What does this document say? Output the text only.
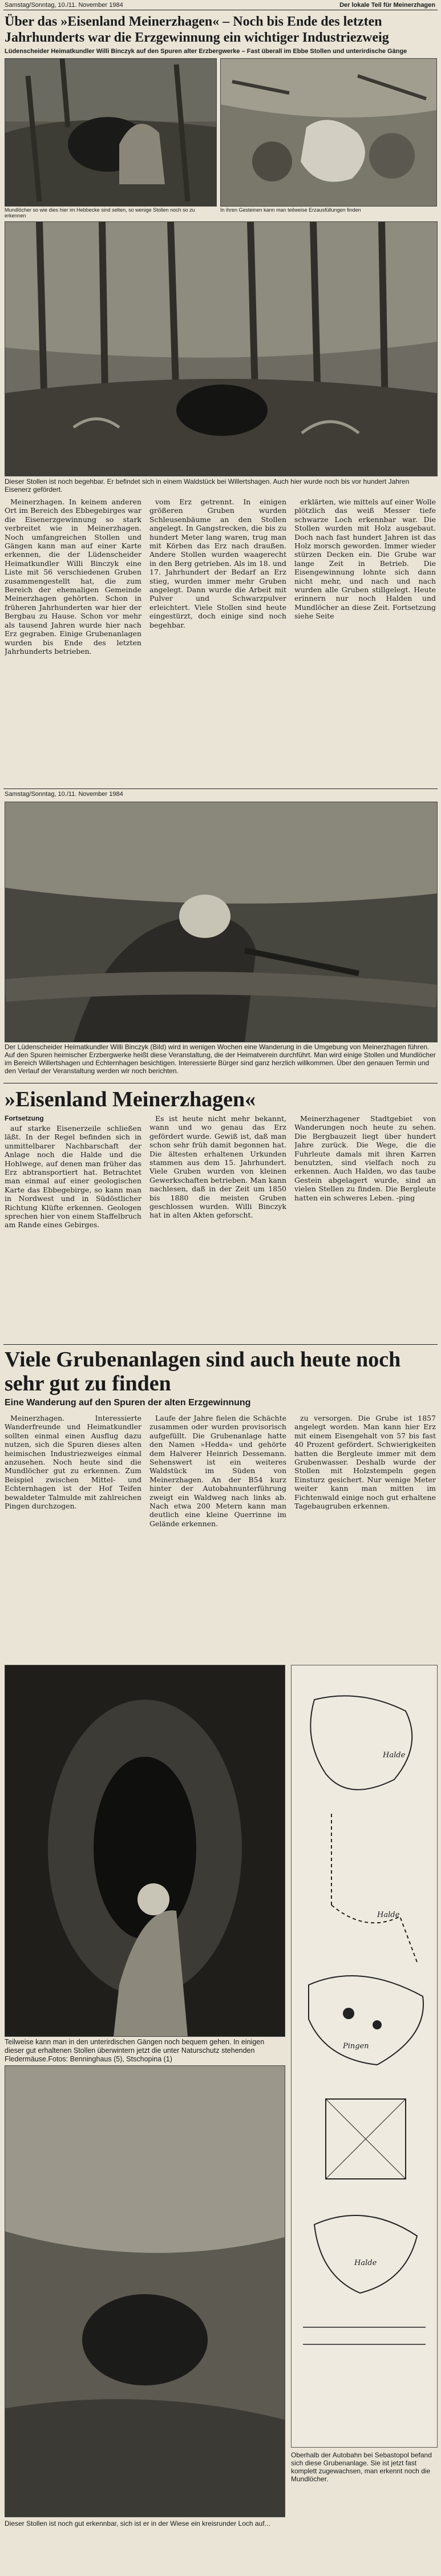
Samstag/Sonntag, 10./11. November 1984	Der lokale Teil für Meinerzhagen
Über das »Eisenland Meinerzhagen« – Noch bis Ende des letzten Jahrhunderts war die Erzgewinnung ein wichtiger Industriezweig
Lüdenscheider Heimatkundler Willi Binczyk auf den Spuren alter Erzbergwerke – Fast überall im Ebbe Stollen und unterirdische Gänge
Mundlöcher so wie dies hier im Hebbecke sind selten, so wenige Stollen noch so zu erkennen
In ihren Gesteinen kann man teilweise Erzausfüllungen finden
Dieser Stollen ist noch begehbar. Er befindet sich in einem Waldstück bei Willertshagen. Auch hier wurde noch bis vor hundert Jahren Eisenerz gefördert.

Meinerzhagen. In keinem anderen Ort im Bereich des Ebbegebirges war die Eisenerzgewinnung so stark verbreitet wie in Meinerzhagen. Noch umfangreichen Stollen und Gängen kann man auf einer Karte erkennen, die der Lüdenscheider Heimatkundler Willi Binczyk eine Liste mit 56 verschiedenen Gruben zusammengestellt hat, die zum Bereich der ehemaligen Gemeinde Meinerzhagen gehörten. Schon in früheren Jahrhunderten war hier der Bergbau zu Hause. Schon vor mehr als tausend Jahren wurde hier nach Erz gegraben. Einige Grubenanlagen wurden bis Ende des letzten Jahrhunderts betrieben.

vom Erz getrennt. In einigen größeren Gruben wurden Schleusenbäume an den Stollen angelegt. In Gangstrecken, die bis zu hundert Meter lang waren, trug man mit Körben das Erz nach draußen. Andere Stollen wurden waagerecht in den Berg getrieben. Als im 18. und 17. Jahrhundert der Bedarf an Erz stieg, wurden immer mehr Gruben angelegt. Dann wurde die Arbeit mit Pulver und Schwarzpulver erleichtert. Viele Stollen sind heute eingestürzt, doch einige sind noch begehbar.

erklärten, wie mittels auf einer Wolle plötzlich das weiß Messer tiefe schwarze Loch erkennbar war. Die Stollen wurden mit Holz ausgebaut. Doch nach fast hundert Jahren ist das Holz morsch geworden. Immer wieder stürzen Decken ein. Die Grube war lange Zeit in Betrieb. Die Eisengewinnung lohnte sich dann nicht mehr, und nach und nach wurden alle Gruben stillgelegt. Heute erinnern nur noch Halden und Mundlöcher an diese Zeit. Fortsetzung siehe Seite

Samstag/Sonntag, 10./11. November 1984
Der Lüdenscheider Heimatkundler Willi Binczyk (Bild) wird in wenigen Wochen eine Wanderung in die Umgebung von Meinerzhagen führen. Auf den Spuren heimischer Erzbergwerke heißt diese Veranstaltung, die der Heimatverein durchführt. Man wird einige Stollen und Mundlöcher im Bereich Willertshagen und Echternhagen besichtigen. Interessierte Bürger sind ganz herzlich willkommen. Über den genauen Termin und den Verlauf der Veranstaltung werden wir noch berichten.
»Eisenland Meinerzhagen«
Fortsetzung

auf starke Eisenerzeile schließen läßt. In der Regel befinden sich in unmittelbarer Nachbarschaft der Anlage noch die Halde und die Hohlwege, auf denen man früher das Erz abtransportiert hat. Betrachtet man einmal auf einer geologischen Karte das Ebbegebirge, so kann man in Nordwest und in Südöstlicher Richtung Klüfte erkennen. Geologen sprechen hier von einem Staffelbruch am Rande eines Gebirges.

Es ist heute nicht mehr bekannt, wann und wo genau das Erz gefördert wurde. Gewiß ist, daß man schon sehr früh damit begonnen hat. Die ältesten erhaltenen Urkunden stammen aus dem 15. Jahrhundert. Viele Gruben wurden von kleinen Gewerkschaften betrieben. Man kann nachlesen, daß in der Zeit um 1850 bis 1880 die meisten Gruben geschlossen wurden. Willi Binczyk hat in alten Akten geforscht.

Meinerzhagener Stadtgebiet von Wanderungen noch heute zu sehen. Die Bergbauzeit liegt über hundert Jahre zurück. Die Wege, die die Fuhrleute damals mit ihren Karren benutzten, sind vielfach noch zu erkennen. Auch Halden, wo das taube Gestein abgelagert wurde, sind an vielen Stellen zu finden. Die Bergleute hatten ein schweres Leben. -ping

Viele Grubenanlagen sind auch heute noch sehr gut zu finden
Eine Wanderung auf den Spuren der alten Erzgewinnung

Meinerzhagen. Interessierte Wanderfreunde und Heimatkundler sollten einmal einen Ausflug dazu nutzen, sich die Spuren dieses alten heimischen Industriezweiges einmal anzusehen. Noch heute sind die Mundlöcher gut zu erkennen. Zum Beispiel zwischen Mittel- und Echternhagen ist der Hof Teifen bewaldeter Talmulde mit zahlreichen Pingen durchzogen.

Laufe der Jahre fielen die Schächte zusammen oder wurden provisorisch aufgefüllt. Die Grubenanlage hatte den Namen »Hedda« und gehörte dem Halverer Heinrich Dessemann. Sehenswert ist ein weiteres Waldstück im Süden von Meinerzhagen. An der B54 kurz hinter der Autobahnunterführung zweigt ein Waldweg nach links ab. Nach etwa 200 Metern kann man deutlich eine kleine Querrinne im Gelände erkennen.

zu versorgen. Die Grube ist 1857 angelegt worden. Man kann hier Erz mit einem Eisengehalt von 57 bis fast 40 Prozent gefördert. Schwierigkeiten hatten die Bergleute immer mit dem Grubenwasser. Deshalb wurde der Stollen mit Holzstempeln gegen Einsturz gesichert. Nur wenige Meter weiter kann man mitten im Fichtenwald einige noch gut erhaltene Tagebaugruben erkennen.

Teilweise kann man in den unterirdischen Gängen noch bequem gehen. In einigen dieser gut erhaltenen Stollen überwintern jetzt die unter Naturschutz stehenden Fledermäuse.Fotos: Benninghaus (5), Stschopina (1)
Halde
Halde
Pingen
Halde
Oberhalb der Autobahn bei Sebastopol befand sich diese Grubenanlage. Sie ist jetzt fast komplett zugewachsen, man erkennt noch die Mundlöcher.
Dieser Stollen ist noch gut erkennbar, sich ist er in der Wiese ein kreisrunder Loch auf...
